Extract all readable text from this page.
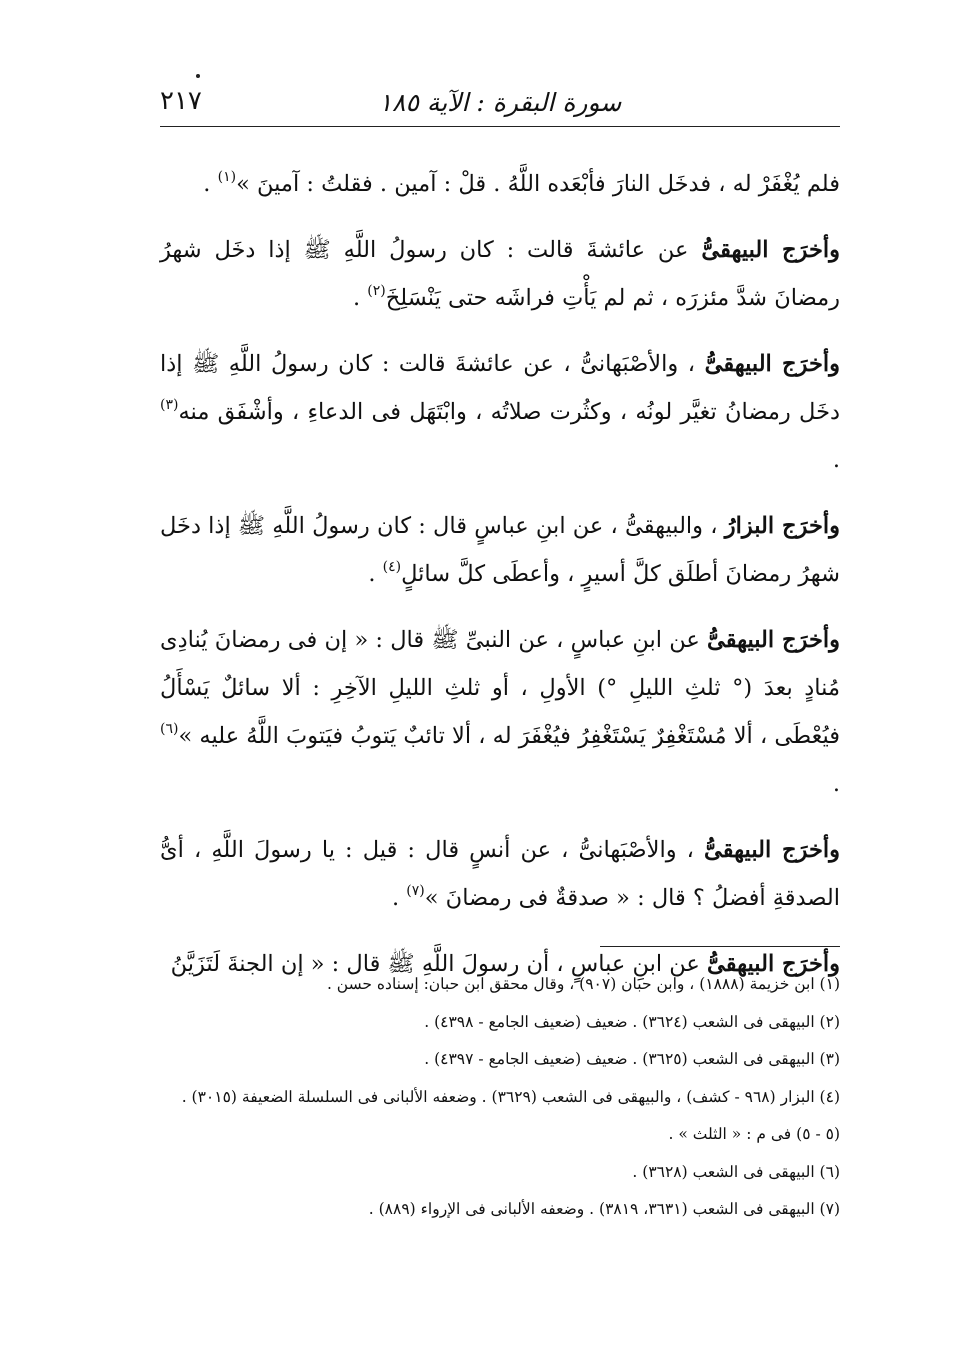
سورة البقرة : الآية ١٨٥
٢١٧

فلم يُغْفَرْ له ، فدخَل النارَ فأبْعَده اللَّهُ . قلْ : آمين . فقلتُ : آمينَ »$^{(١)}$ .

وأخرَج البيهقىُّ عن عائشةَ قالت : كان رسولُ اللَّهِ ﷺ إذا دخَل شهرُ رمضانَ شدَّ مئزرَه ، ثم لم يَأْتِ فراشَه حتى يَنْسَلِخَ$^{(٢)}$ .

وأخرَج البيهقىُّ ، والأصْبَهانىُّ ، عن عائشةَ قالت : كان رسولُ اللَّهِ ﷺ إذا دخَل رمضانُ تغيَّر لونُه ، وكثُرت صلاتُه ، وابْتَهَل فى الدعاءِ ، وأشْفَق منه$^{(٣)}$ .

وأخرَج البزارُ ، والبيهقىُّ ، عن ابنِ عباسٍ قال : كان رسولُ اللَّهِ ﷺ إذا دخَل شهرُ رمضانَ أطلَق كلَّ أسيرٍ ، وأعطَى كلَّ سائلٍ$^{(٤)}$ .

وأخرَج البيهقىُّ عن ابنِ عباسٍ ، عن النبىِّ ﷺ قال : « إن فى رمضانَ يُنادِى مُنادٍ بعدَ (° ثلثِ الليلِ °) الأولِ ، أو ثلثِ الليلِ الآخِرِ : ألا سائلٌ يَسْأَلُ فيُعْطَى ، ألا مُسْتَغْفِرٌ يَسْتَغْفِرُ فيُغْفَرَ له ، ألا تائبٌ يَتوبُ فيَتوبَ اللَّهُ عليه »$^{(٦)}$ .

وأخرَج البيهقىُّ ، والأصْبَهانىُّ ، عن أنسٍ قال : قيل : يا رسولَ اللَّهِ ، أىُّ الصدقةِ أفضلُ ؟ قال : « صدقةٌ فى رمضانَ »$^{(٧)}$ .

وأخرَج البيهقىُّ عن ابنِ عباسٍ ، أن رسولَ اللَّهِ ﷺ قال : « إن الجنةَ لَتَزَيَّنُ

(١) ابن خزيمة (١٨٨٨) ، وابن حبان (٩٠٧) ، وقال محقق ابن حبان: إسناده حسن .
(٢) البيهقى فى الشعب (٣٦٢٤) . ضعيف (ضعيف الجامع - ٤٣٩٨) .
(٣) البيهقى فى الشعب (٣٦٢٥) . ضعيف (ضعيف الجامع - ٤٣٩٧) .
(٤) البزار (٩٦٨ - كشف) ، والبيهقى فى الشعب (٣٦٢٩) . وضعفه الألبانى فى السلسلة الضعيفة (٣٠١٥) .
(٥ - ٥) فى م : « الثلث » .
(٦) البيهقى فى الشعب (٣٦٢٨) .
(٧) البيهقى فى الشعب (٣٦٣١، ٣٨١٩) . وضعفه الألبانى فى الإرواء (٨٨٩) .
